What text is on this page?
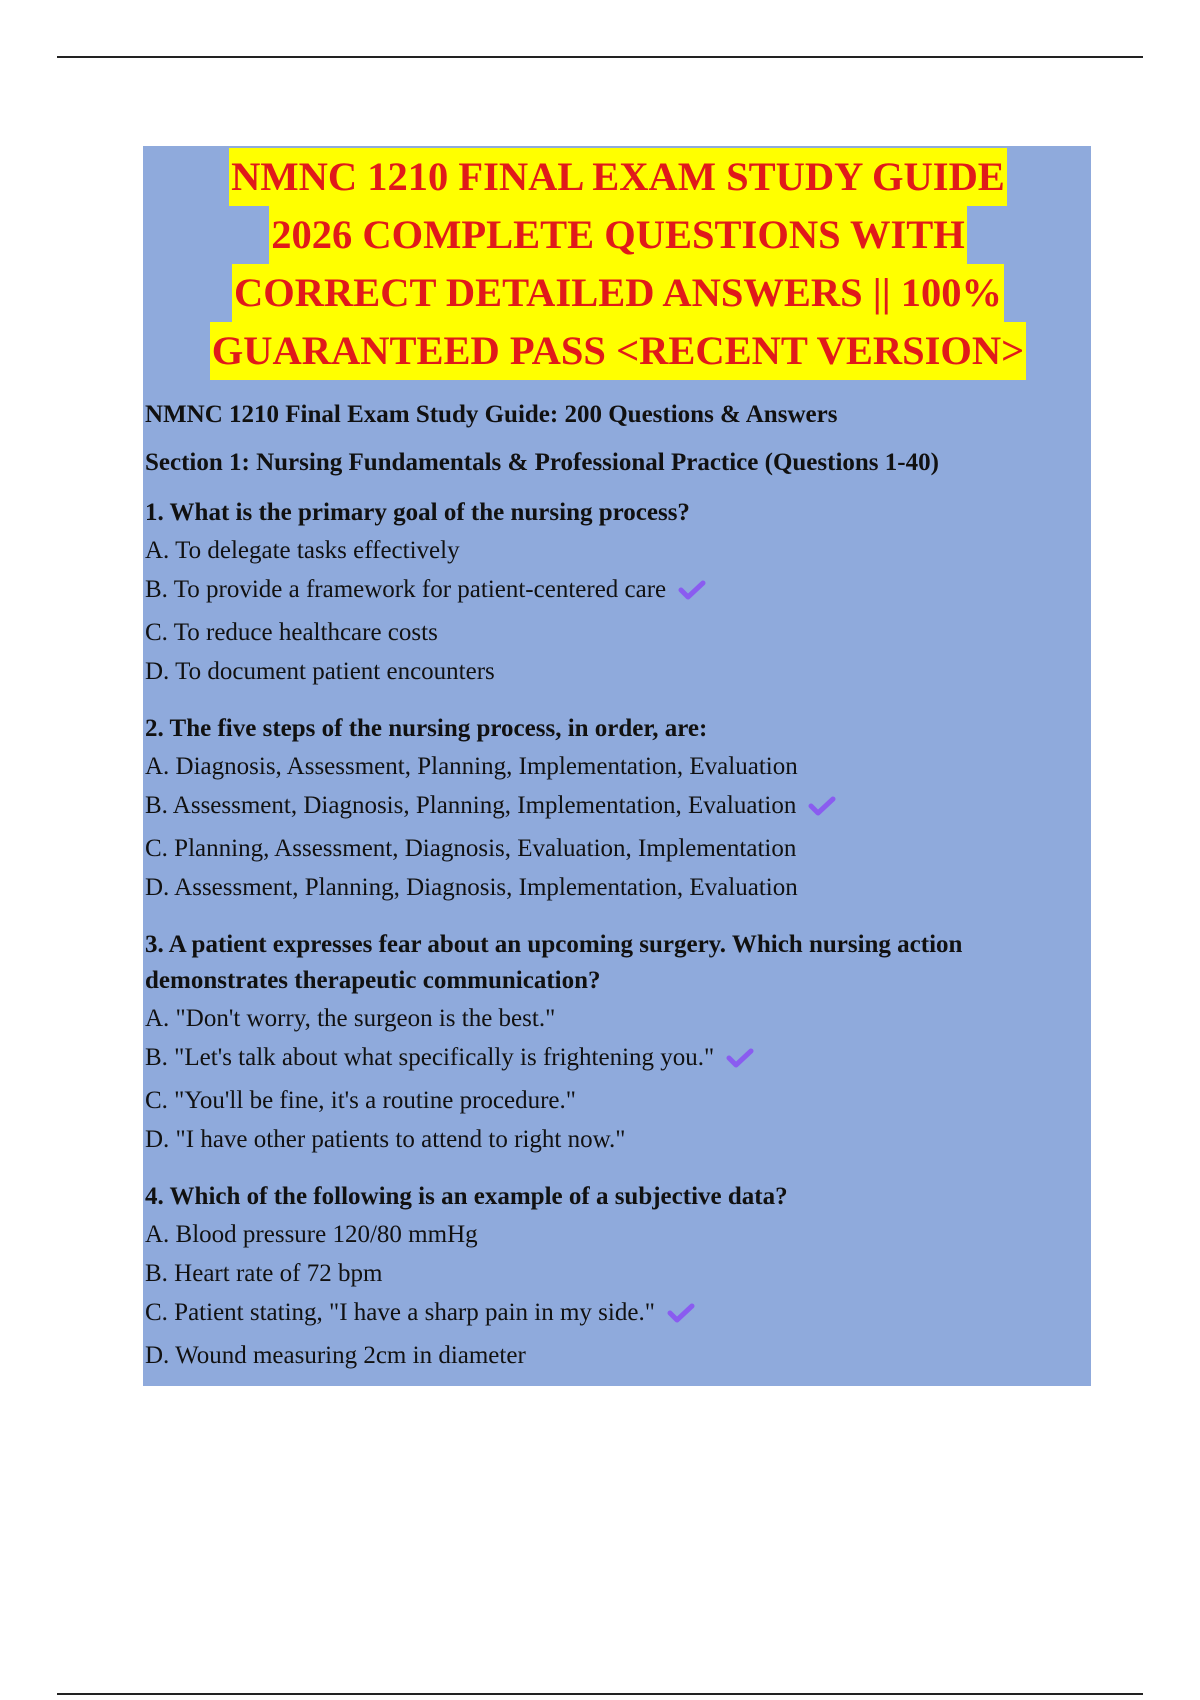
NMNC 1210 FINAL EXAM STUDY GUIDE
2026 COMPLETE QUESTIONS WITH
CORRECT DETAILED ANSWERS || 100%
GUARANTEED PASS <RECENT VERSION>
NMNC 1210 Final Exam Study Guide: 200 Questions & Answers
Section 1: Nursing Fundamentals & Professional Practice (Questions 1-40)
1. What is the primary goal of the nursing process?
A. To delegate tasks effectively
B. To provide a framework for patient-centered care
C. To reduce healthcare costs
D. To document patient encounters
2. The five steps of the nursing process, in order, are:
A. Diagnosis, Assessment, Planning, Implementation, Evaluation
B. Assessment, Diagnosis, Planning, Implementation, Evaluation
C. Planning, Assessment, Diagnosis, Evaluation, Implementation
D. Assessment, Planning, Diagnosis, Implementation, Evaluation
3. A patient expresses fear about an upcoming surgery. Which nursing action demonstrates therapeutic communication?
A. "Don't worry, the surgeon is the best."
B. "Let's talk about what specifically is frightening you."
C. "You'll be fine, it's a routine procedure."
D. "I have other patients to attend to right now."
4. Which of the following is an example of a subjective data?
A. Blood pressure 120/80 mmHg
B. Heart rate of 72 bpm
C. Patient stating, "I have a sharp pain in my side."
D. Wound measuring 2cm in diameter
